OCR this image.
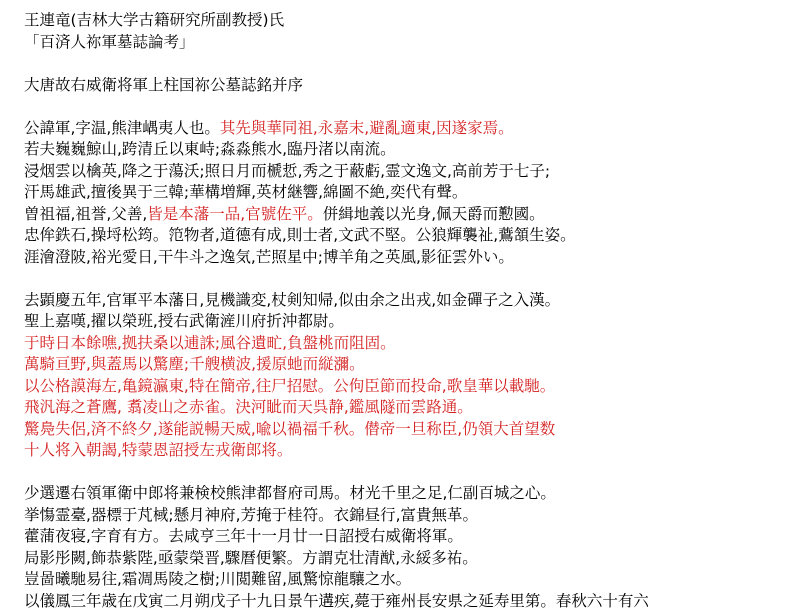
王連竜(吉林大学古籍研究所副教授)氏
「百済人祢軍墓誌論考」
大唐故右威衛将軍上柱国祢公墓誌銘并序
公諱軍,字温,熊津嵎夷人也。其先與華同祖,永嘉末,避亂適東,因遂家焉。
若夫巍巍鯨山,跨清丘以東峙;淼淼熊水,臨丹渚以南流。
浸烟雲以檎英,降之于蕩沃;照日月而榹悊,秀之于蔽虧,霊文逸文,高前芳于七子;
汗馬雄武,擅後異于三韓;華構増輝,英材継響,綿圖不絶,奕代有聲。
曽祖福,祖誉,父善,皆是本藩一品,官號佐平。併緝地義以光身,佩天爵而懃國。
忠侔鉄石,操埒松筠。笵物者,道德有成,則士者,文武不堅。公狼輝襲祉,鷰頷生姿。
涯澮澄陂,裕光愛日,干牛斗之逸気,芒照星中;博羊角之英風,影征雲外い。
去顕慶五年,官軍平本藩日,見機識変,杖剣知帰,似由余之出戎,如金磾子之入漢。
聖上嘉嘆,擢以榮班,授右武衛滻川府折沖都尉。
于時日本餘噍,拠扶桑以逋誅;風谷遺甿,負盤桃而阻固。
萬騎亘野,與蓋馬以驚塵;千艘横波,援原虵而縦瀰。
以公格謨海左,亀鏡瀛東,特在簡帝,往尸招慰。公佝臣節而投命,歌皇華以載馳。
飛汎海之蒼鷹, 翥凌山之赤雀。決河眦而天呉静,鑑風隧而雲路通。
驚鳧失侶,済不終夕,遂能説暢天威,喩以禍福千秋。僣帝一旦称臣,仍領大首望数
十人将入朝謁,特蒙恩詔授左戎衛郎将。
少選遷右領軍衛中郎将兼検校熊津都督府司馬。材光千里之足,仁副百城之心。
挙慯霊臺,器標于芃棫;懸月神府,芳掩于桂符。衣錦昼行,富貴無革。
藿蒲夜寝,字育有方。去咸亨三年十一月廿一日詔授右威衛将軍。
局影彤闕,飾恭紫陛,亟蒙榮晋,驟曆便繁。方謂克壮清猷,永綏多祐。
豈啚曦馳易往,霜凋馬陵之樹;川閲難留,風驚惊龍驤之水。
以儀鳳三年歳在戊寅二月朔戊子十九日景午遘疾,薨于雍州長安県之延寿里第。春秋六十有六
